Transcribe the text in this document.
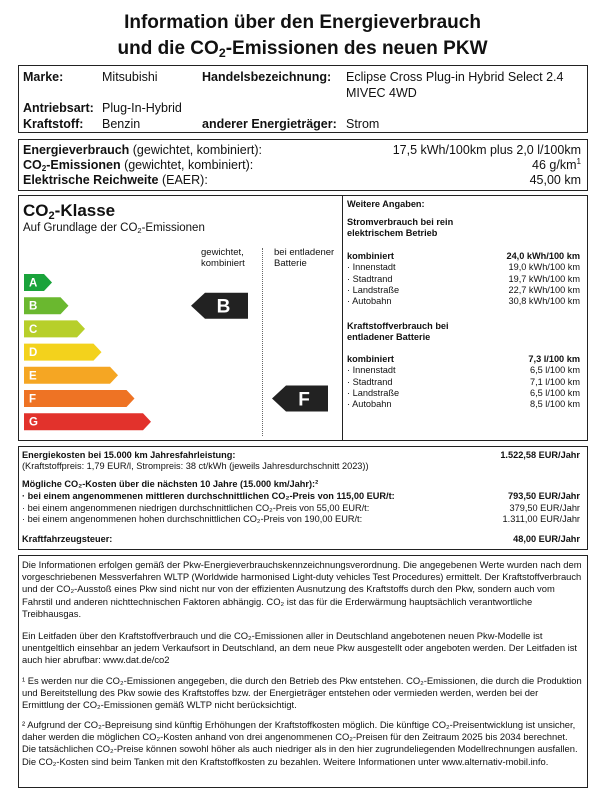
Information über den Energieverbrauch
und die $CO_2$-Emissionen des neuen PKW
Marke:	Mitsubishi	Handelsbezeichnung: Eclipse Cross Plug-in Hybrid Select 2.4
MIVEC 4WD
Antriebsart: Plug-In-Hybrid
Kraftstoff: Benzin	anderer Energieträger: Strom
Energieverbrauch (gewichtet, kombiniert):	17,5 kWh/100km plus 2,0 l/100km
$CO_2$-Emissionen (gewichtet, kombiniert):	46 $g/km^1$
Elektrische Reichweite (EAER):	45,00 km
$CO_2$-Klasse
Auf Grundlage der $CO_2$-Emissionen
gewichtet,
kombiniert
bei entladener
Batterie
A
B
C
D
E
F
G
B
F
Weitere Angaben:
Stromverbrauch bei rein
elektrischem Betrieb
kombiniert	24,0 kWh/100 km
· Innenstadt	19,0 kWh/100 km
· Stadtrand	19,7 kWh/100 km
· Landstraße	22,7 kWh/100 km
· Autobahn	30,8 kWh/100 km
Kraftstoffverbrauch bei
entladener Batterie
kombiniert	7,3 l/100 km
· Innenstadt	6,5 l/100 km
· Stadtrand	7,1 l/100 km
· Landstraße	6,5 l/100 km
· Autobahn	8,5 l/100 km
Energiekosten bei 15.000 km Jahresfahrleistung:	1.522,58 EUR/Jahr
(Kraftstoffpreis: 1,79 EUR/l, Strompreis: 38 ct/kWh (jeweils Jahresdurchschnitt 2023))
Mögliche CO₂-Kosten über die nächsten 10 Jahre (15.000 km/Jahr):²
· bei einem angenommenen mittleren durchschnittlichen CO₂-Preis von 115,00 EUR/t:	793,50 EUR/Jahr
· bei einem angenommenen niedrigen durchschnittlichen CO₂-Preis von 55,00 EUR/t:	379,50 EUR/Jahr
· bei einem angenommenen hohen durchschnittlichen CO₂-Preis von 190,00 EUR/t:	1.311,00 EUR/Jahr
Kraftfahrzeugsteuer:	48,00 EUR/Jahr
Die Informationen erfolgen gemäß der Pkw-Energieverbrauchskennzeichnungsverordnung. Die angegebenen Werte wurden nach dem vorgeschriebenen Messverfahren WLTP (Worldwide harmonised Light-duty vehicles Test Procedures) ermittelt. Der Kraftstoffverbrauch und der CO₂-Ausstoß eines Pkw sind nicht nur von der effizienten Ausnutzung des Kraftstoffs durch den Pkw, sondern auch vom Fahrstil und anderen nichttechnischen Faktoren abhängig. CO₂ ist das für die Erderwärmung hauptsächlich verantwortliche Treibhausgas.
Ein Leitfaden über den Kraftstoffverbrauch und die CO₂-Emissionen aller in Deutschland angebotenen neuen Pkw-Modelle ist unentgeltlich einsehbar an jedem Verkaufsort in Deutschland, an dem neue Pkw ausgestellt oder angeboten werden. Der Leitfaden ist auch hier abrufbar: www.dat.de/co2
¹ Es werden nur die CO₂-Emissionen angegeben, die durch den Betrieb des Pkw entstehen. CO₂-Emissionen, die durch die Produktion und Bereitstellung des Pkw sowie des Kraftstoffes bzw. der Energieträger entstehen oder vermieden werden, werden bei der Ermittlung der CO₂-Emissionen gemäß WLTP nicht berücksichtigt.
² Aufgrund der CO₂-Bepreisung sind künftig Erhöhungen der Kraftstoffkosten möglich. Die künftige CO₂-Preisentwicklung ist unsicher, daher werden die möglichen CO₂-Kosten anhand von drei angenommenen CO₂-Preisen für den Zeitraum 2025 bis 2034 berechnet. Die tatsächlichen CO₂-Preise können sowohl höher als auch niedriger als in den hier zugrundeliegenden Modellrechnungen ausfallen. Die CO₂-Kosten sind beim Tanken mit den Kraftstoffkosten zu bezahlen. Weitere Informationen unter www.alternativ-mobil.info.
